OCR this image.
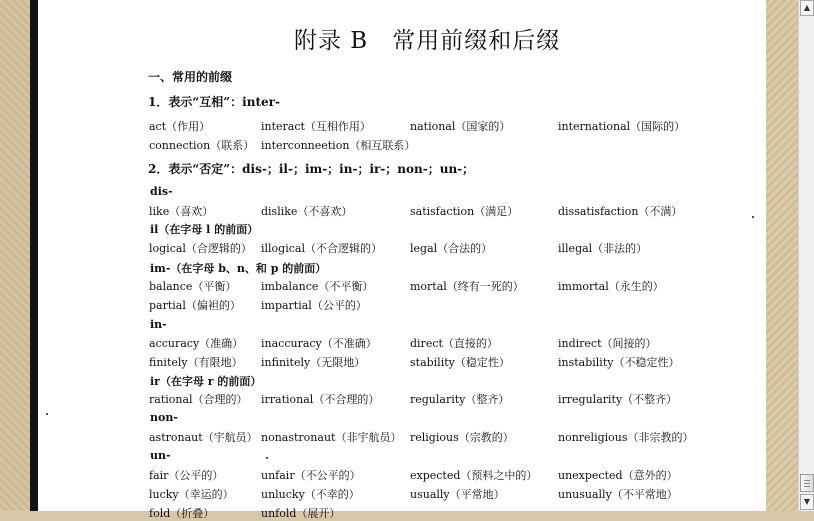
附录 B　常用前缀和后缀
一、常用的前缀
1．表示“互相”：inter-
act（作用）	interact（互相作用）	national（国家的）	international（国际的）
connection（联系） interconneetion（相互联系）
2．表示“否定”：dis-；il-；im-；in-；ir-；non-；un-；
dis-
like（喜欢）	dislike（不喜欢）	satisfaction（满足）	dissatisfaction（不满）
il（在字母 l 的前面）
logical（合逻辑的） illogical（不合逻辑的）	legal（合法的）	illegal（非法的）
im-（在字母 b、n、和 p 的前面）
balance（平衡） imbalance（不平衡）	mortal（终有一死的）	immortal（永生的）
partial（偏袒的） impartial（公平的）
in-
accuracy（准确） inaccuracy（不准确）	direct（直接的）	indirect（间接的）
finitely（有限地） infinitely（无限地）	stability（稳定性）	instability（不稳定性）
ir（在字母 r 的前面）
rational（合理的） irrational（不合理的）	regularity（整齐）	irregularity（不整齐）
non-
astronaut（宇航员） nonastronaut（非宇航员） religious（宗教的）	nonreligious（非宗教的）
un-
fair（公平的）	unfair（不公平的）	expected（预料之中的） unexpected（意外的）
lucky（幸运的） unlucky（不幸的）	usually（平常地）	unusually（不平常地）
fold（折叠）	unfold（展开）
▲
▼
